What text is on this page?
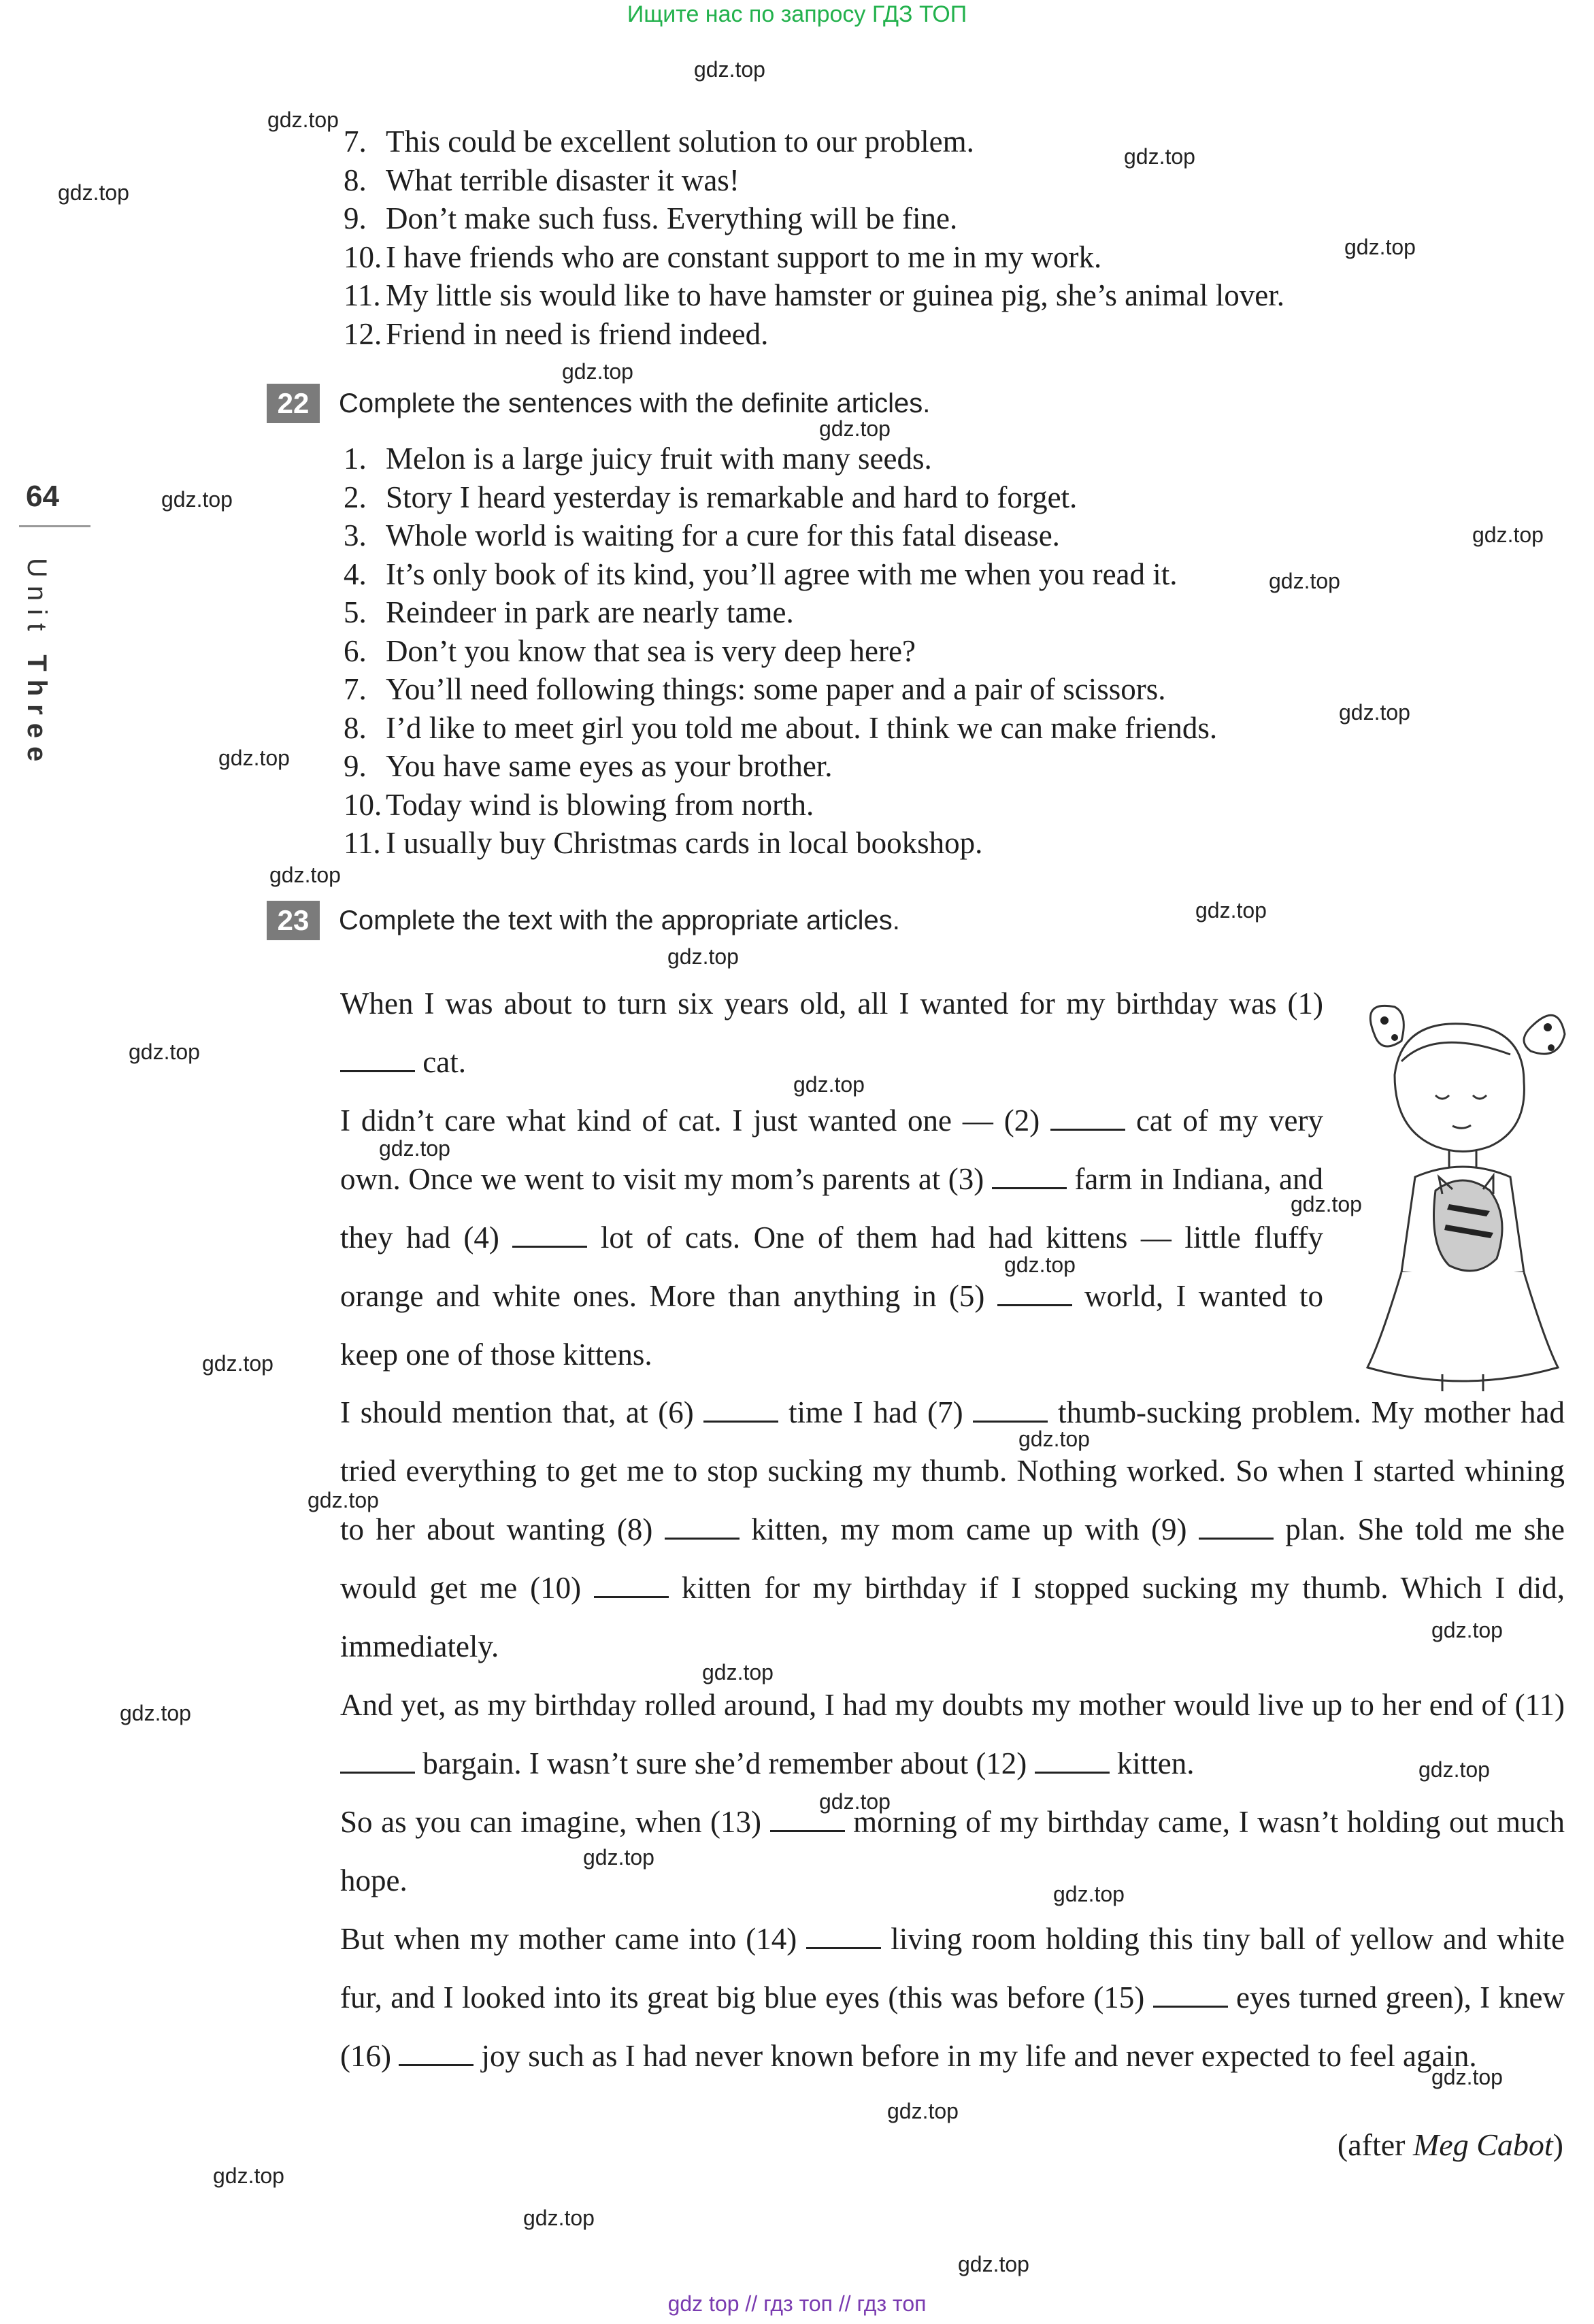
Ищите нас по запросу ГДЗ ТОП
64
Unit Three
7. This could be excellent solution to our problem.
8. What terrible disaster it was!
9. Don’t make such fuss. Everything will be fine.
10. I have friends who are constant support to me in my work.
11. My little sis would like to have hamster or guinea pig, she’s animal lover.
12. Friend in need is friend indeed.
22	Complete the sentences with the definite articles.
1. Melon is a large juicy fruit with many seeds.
2. Story I heard yesterday is remarkable and hard to forget.
3. Whole world is waiting for a cure for this fatal disease.
4. It’s only book of its kind, you’ll agree with me when you read it.
5. Reindeer in park are nearly tame.
6. Don’t you know that sea is very deep here?
7. You’ll need following things: some paper and a pair of scissors.
8. I’d like to meet girl you told me about. I think we can make friends.
9. You have same eyes as your brother.
10. Today wind is blowing from north.
11. I usually buy Christmas cards in local bookshop.
23	Complete the text with the appropriate articles.
When I was about to turn six years old, all I wanted for my birthday was (1)  cat.
I didn’t care what kind of cat. I just wanted one — (2)  cat of my very own. Once we went to visit my mom’s parents at (3)  farm in Indiana, and they had (4)  lot of cats. One of them had had kittens — little fluffy orange and white ones. More than anything in (5)  world, I wanted to keep one of those kittens.
I should mention that, at (6)  time I had (7)  thumb-sucking problem. My mother had tried everything to get me to stop sucking my thumb. Nothing worked. So when I started whining to her about wanting (8)  kitten, my mom came up with (9)  plan. She told me she would get me (10)  kitten for my birthday if I stopped sucking my thumb. Which I did, immediately.
And yet, as my birthday rolled around, I had my doubts my mother would live up to her end of (11)  bargain. I wasn’t sure she’d remember about (12)  kitten.
So as you can imagine, when (13)  morning of my birthday came, I wasn’t holding out much hope.
But when my mother came into (14)  living room holding this tiny ball of yellow and white fur, and I looked into its great big blue eyes (this was before (15)  eyes turned green), I knew (16)  joy such as I had never known before in my life and never expected to feel again.
(after Meg Cabot)
gdz.top
gdz.top
gdz.top
gdz.top
gdz.top
gdz.top
gdz.top
gdz.top
gdz.top
gdz.top
gdz.top
gdz.top
gdz.top
gdz.top
gdz.top
gdz.top
gdz.top
gdz.top
gdz.top
gdz.top
gdz.top
gdz.top
gdz.top
gdz.top
gdz.top
gdz.top
gdz.top
gdz.top
gdz.top
gdz.top
gdz.top
gdz.top
gdz.top
gdz.top
gdz.top
gdz top // гдз топ // гдз топ
